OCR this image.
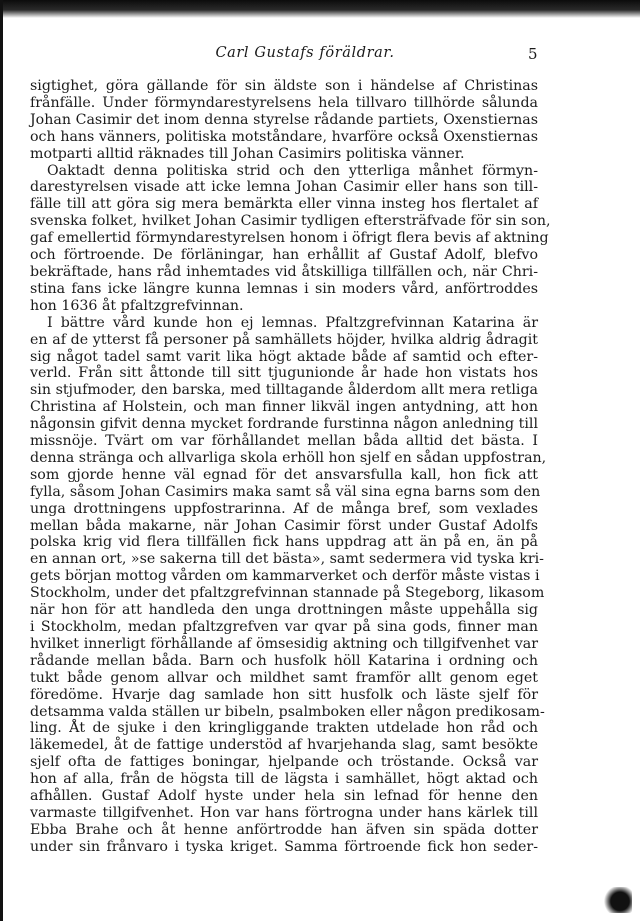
Carl Gustafs föräldrar.	5
sigtighet, göra gällande för sin äldste son i händelse af Christinas
frånfälle. Under förmyndarestyrelsens hela tillvaro tillhörde sålunda
Johan Casimir det inom denna styrelse rådande partiets, Oxenstiernas
och hans vänners, politiska motståndare, hvarföre också Oxenstiernas
motparti alltid räknades till Johan Casimirs politiska vänner.
Oaktadt denna politiska strid och den ytterliga månhet förmyn-
darestyrelsen visade att icke lemna Johan Casimir eller hans son till-
fälle till att göra sig mera bemärkta eller vinna insteg hos flertalet af
svenska folket, hvilket Johan Casimir tydligen eftersträfvade för sin son,
gaf emellertid förmyndarestyrelsen honom i öfrigt flera bevis af aktning
och förtroende. De förläningar, han erhållit af Gustaf Adolf, blefvo
bekräftade, hans råd inhemtades vid åtskilliga tillfällen och, när Chri-
stina fans icke längre kunna lemnas i sin moders vård, anförtroddes
hon 1636 åt pfaltzgrefvinnan.
I bättre vård kunde hon ej lemnas. Pfaltzgrefvinnan Katarina är
en af de ytterst få personer på samhällets höjder, hvilka aldrig ådragit
sig något tadel samt varit lika högt aktade både af samtid och efter-
verld. Från sitt åttonde till sitt tjugunionde år hade hon vistats hos
sin stjufmoder, den barska, med tilltagande ålderdom allt mera retliga
Christina af Holstein, och man finner likväl ingen antydning, att hon
någonsin gifvit denna mycket fordrande furstinna någon anledning till
missnöje. Tvärt om var förhållandet mellan båda alltid det bästa. I
denna stränga och allvarliga skola erhöll hon sjelf en sådan uppfostran,
som gjorde henne väl egnad för det ansvarsfulla kall, hon fick att
fylla, såsom Johan Casimirs maka samt så väl sina egna barns som den
unga drottningens uppfostrarinna. Af de många bref, som vexlades
mellan båda makarne, när Johan Casimir först under Gustaf Adolfs
polska krig vid flera tillfällen fick hans uppdrag att än på en, än på
en annan ort, »se sakerna till det bästa», samt sedermera vid tyska kri-
gets början mottog vården om kammarverket och derför måste vistas i
Stockholm, under det pfaltzgrefvinnan stannade på Stegeborg, likasom
när hon för att handleda den unga drottningen måste uppehålla sig
i Stockholm, medan pfaltzgrefven var qvar på sina gods, finner man
hvilket innerligt förhållande af ömsesidig aktning och tillgifvenhet var
rådande mellan båda. Barn och husfolk höll Katarina i ordning och
tukt både genom allvar och mildhet samt framför allt genom eget
föredöme. Hvarje dag samlade hon sitt husfolk och läste sjelf för
detsamma valda ställen ur bibeln, psalmboken eller någon predikosam-
ling. Åt de sjuke i den kringliggande trakten utdelade hon råd och
läkemedel, åt de fattige understöd af hvarjehanda slag, samt besökte
sjelf ofta de fattiges boningar, hjelpande och tröstande. Också var
hon af alla, från de högsta till de lägsta i samhället, högt aktad och
afhållen. Gustaf Adolf hyste under hela sin lefnad för henne den
varmaste tillgifvenhet. Hon var hans förtrogna under hans kärlek till
Ebba Brahe och åt henne anförtrodde han äfven sin späda dotter
under sin frånvaro i tyska kriget. Samma förtroende fick hon seder-
